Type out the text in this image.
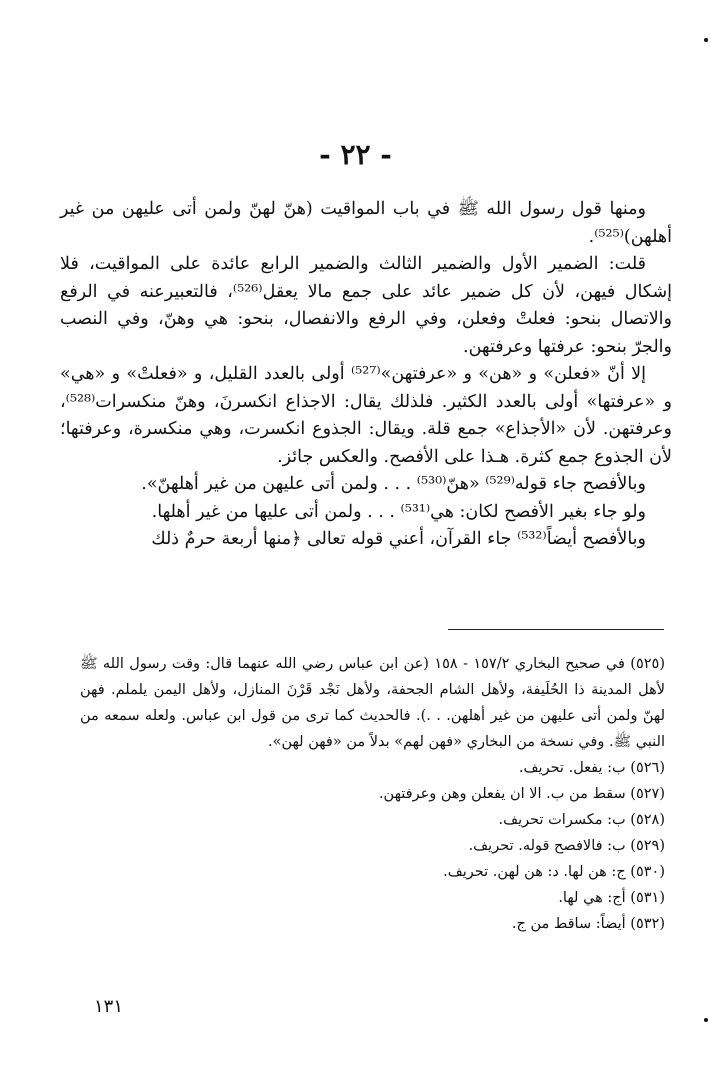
- ٢٢ -

ومنها قول رسول الله ﷺ في باب المواقيت (هنّ لهنّ ولمن أتى عليهن من غير أهلهن)⁽⁵²⁵⁾.

قلت: الضمير الأول والضمير الثالث والضمير الرابع عائدة على المواقيت، فلا إشكال فيهن، لأن كل ضمير عائد على جمع مالا يعقل⁽⁵²⁶⁾، فالتعبيرعنه في الرفع والاتصال بنحو: فعلتْ وفعلن، وفي الرفع والانفصال، بنحو: هي وهنّ، وفي النصب والجرّ بنحو: عرفتها وعرفتهن.

إلا أنّ «فعلن» و «هن» و «عرفتهن»⁽⁵²⁷⁾ أولى بالعدد القليل، و «فعلتْ» و «هي» و «عرفتها» أولى بالعدد الكثير. فلذلك يقال: الاجذاع انكسرنَ، وهنّ منكسرات⁽⁵²⁸⁾، وعرفتهن. لأن «الأجذاع» جمع قلة. ويقال: الجذوع انكسرت، وهي منكسرة، وعرفتها؛ لأن الجذوع جمع كثرة. هـذا على الأفصح. والعكس جائز.

وبالأفصح جاء قوله⁽⁵²⁹⁾ «هنّ⁽⁵³⁰⁾ . . . ولمن أتى عليهن من غير أهلهنّ».

ولو جاء بغير الأفصح لكان: هي⁽⁵³¹⁾ . . . ولمن أتى عليها من غير أهلها.

وبالأفصح أيضاً⁽⁵³²⁾ جاء القرآن، أعني قوله تعالى ﴿منها أربعة حرمٌ ذلك

(٥٢٥) في صحيح البخاري ١٥٧/٢ - ١٥٨ (عن ابن عباس رضي الله عنهما قال: وقت رسول الله ﷺ لأهل المدينة ذا الحُلَيفة، ولأهل الشام الجحفة، ولأهل نَجْد قَرْنَ المنازل، ولأهل اليمن يلملم. فهن لهنّ ولمن أتى عليهن من غير أهلهن. . .). فالحديث كما ترى من قول ابن عباس. ولعله سمعه من النبي ﷺ. وفي نسخة من البخاري «فهن لهم» بدلاً من «فهن لهن».

(٥٢٦) ب: يفعل. تحريف.

(٥٢٧) سقط من ب. الا ان يفعلن وهن وعرفتهن.

(٥٢٨) ب: مكسرات تحريف.

(٥٢٩) ب: فالافصح قوله. تحريف.

(٥٣٠) ج: هن لها. د: هن لهن. تحريف.

(٥٣١) أج: هي لها.

(٥٣٢) أيضاً: ساقط من ج.

١٣١
